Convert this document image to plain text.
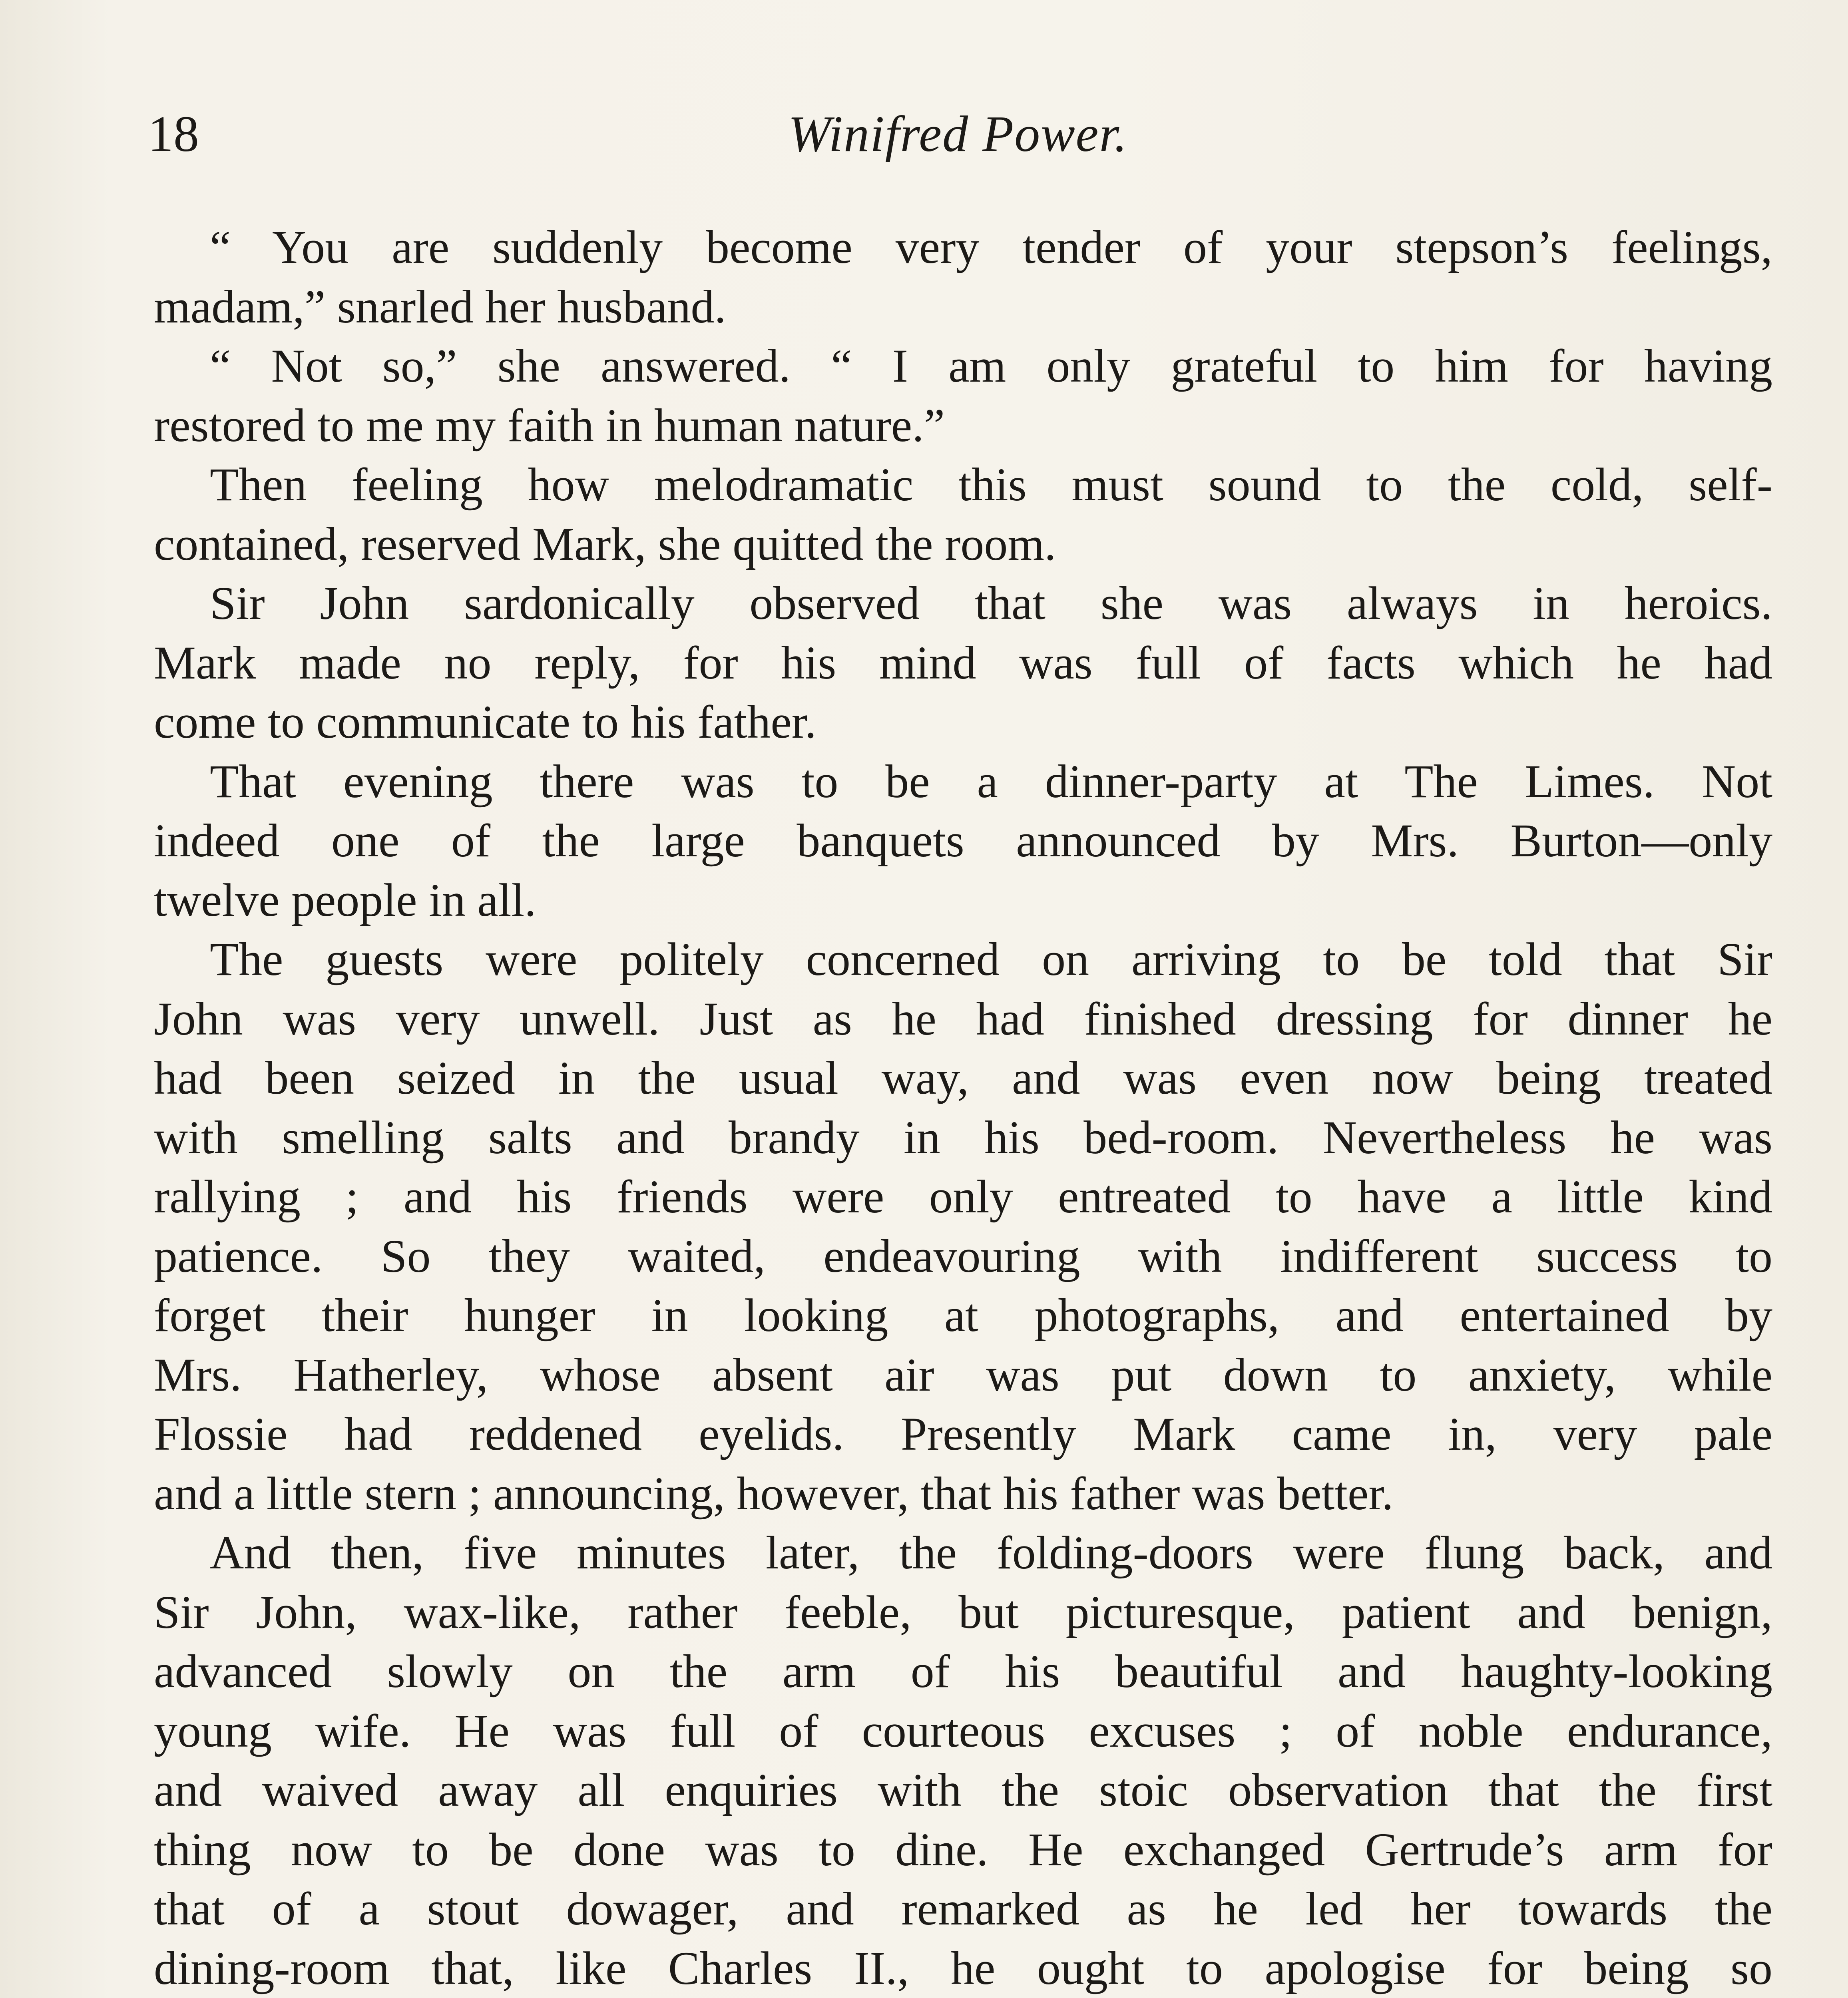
18	Winifred Power.
“ You are suddenly become very tender of your stepson’s feelings,
madam,” snarled her husband.
“ Not so,” she answered. “ I am only grateful to him for having
restored to me my faith in human nature.”
Then feeling how melodramatic this must sound to the cold, self-
contained, reserved Mark, she quitted the room.
Sir John sardonically observed that she was always in heroics.
Mark made no reply, for his mind was full of facts which he had
come to communicate to his father.
That evening there was to be a dinner-party at The Limes. Not
indeed one of the large banquets announced by Mrs. Burton—only
twelve people in all.
The guests were politely concerned on arriving to be told that Sir
John was very unwell. Just as he had finished dressing for dinner he
had been seized in the usual way, and was even now being treated
with smelling salts and brandy in his bed-room. Nevertheless he was
rallying ; and his friends were only entreated to have a little kind
patience. So they waited, endeavouring with indifferent success to
forget their hunger in looking at photographs, and entertained by
Mrs. Hatherley, whose absent air was put down to anxiety, while
Flossie had reddened eyelids. Presently Mark came in, very pale
and a little stern ; announcing, however, that his father was better.
And then, five minutes later, the folding-doors were flung back, and
Sir John, wax-like, rather feeble, but picturesque, patient and benign,
advanced slowly on the arm of his beautiful and haughty-looking
young wife. He was full of courteous excuses ; of noble endurance,
and waived away all enquiries with the stoic observation that the first
thing now to be done was to dine. He exchanged Gertrude’s arm for
that of a stout dowager, and remarked as he led her towards the
dining-room that, like Charles II., he ought to apologise for being so
